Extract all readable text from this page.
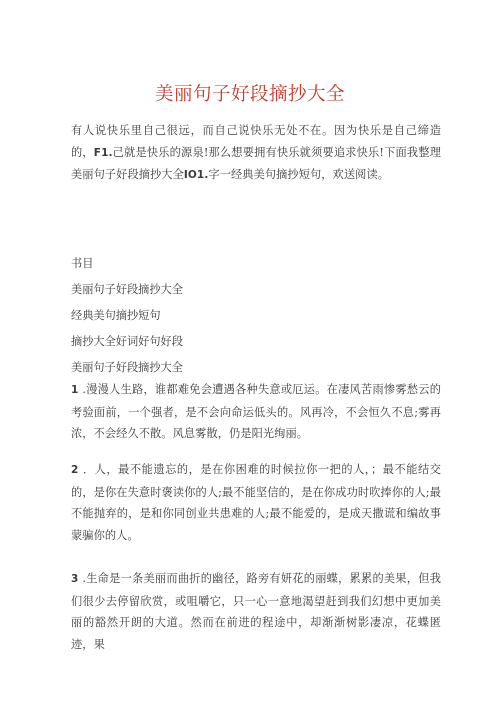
美丽句子好段摘抄大全
有人说快乐里自己很远，而自己说快乐无处不在。因为快乐是自己缔造的，F1.己就是快乐的源泉!那么想要拥有快乐就须要追求快乐!下面我整理美丽句子好段摘抄大全IO1.字一经典美句摘抄短句，欢送阅读。
书目
美丽句子好段摘抄大全
经典美句摘抄短句
摘抄大全好词好句好段
美丽句子好段摘抄大全
1 .漫漫人生路，谁都难免会遭遇各种失意或厄运。在凄风苦雨惨雾愁云的考验面前，一个强者，是不会向命运低头的。风再冷，不会恒久不息;雾再浓，不会经久不散。风息雾散，仍是阳光绚丽。
2 ．人，最不能遗忘的，是在你困难的时候拉你一把的人，；最不能结交的，是你在失意时褒读你的人;最不能坚信的，是在你成功时吹捧你的人;最不能抛弃的，是和你同创业共患难的人;最不能爱的，是成天撒谎和编故事蒙骗你的人。
3 .生命是一条美丽而曲折的幽径，路旁有妍花的丽蝶，累累的美果，但我们很少去停留欣赏，或咀嚼它，只一心一意地渴望赶到我们幻想中更加美丽的豁然开朗的大道。然而在前进的程途中，却渐渐树影凄凉，花蝶匿迹，果
